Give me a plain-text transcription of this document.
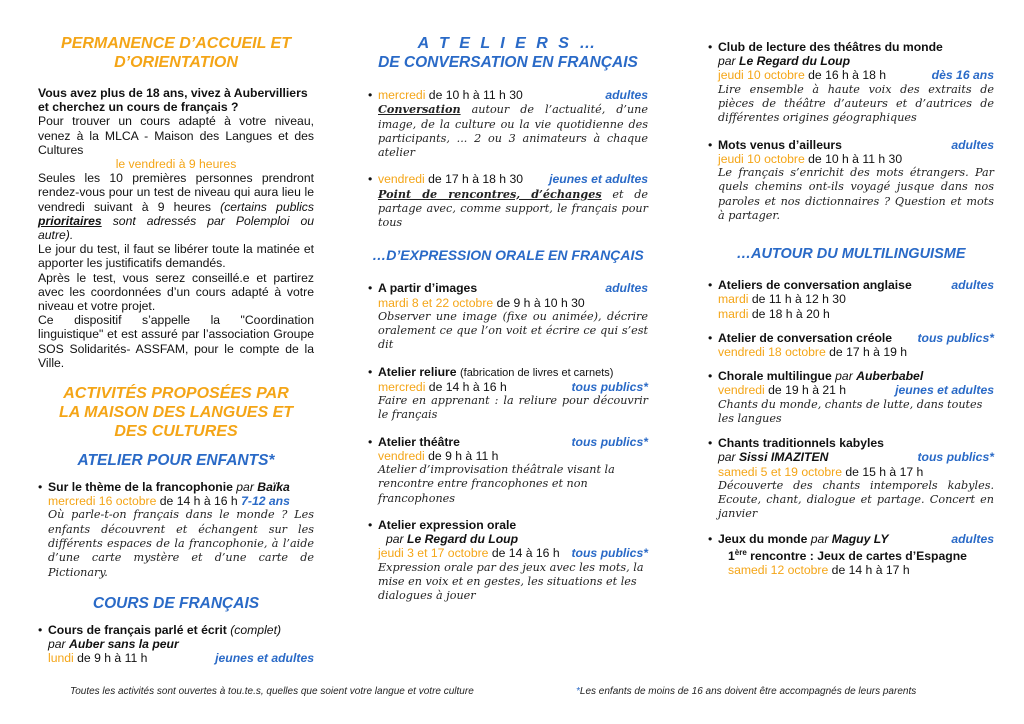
PERMANENCE D’ACCUEIL ET

D’ORIENTATION

Vous avez plus de 18 ans, vivez à Aubervilliers
et cherchez un cours de français ?
Pour trouver un cours adapté à votre niveau, venez à la MLCA - Maison des Langues et des Cultures
le vendredi à 9 heures
Seules les 10 premières personnes prendront rendez-vous pour un test de niveau qui aura lieu le vendredi suivant à 9 heures (certains publics prioritaires sont adressés par Polemploi ou autre).
Le jour du test, il faut se libérer toute la matinée et apporter les justificatifs demandés.
Après le test, vous serez conseillé.e et partirez avec les coordonnées d’un cours adapté à votre niveau et votre projet.
Ce dispositif s’appelle la "Coordination linguistique" et est assuré par l’association Groupe SOS Solidarités- ASSFAM, pour le compte de la Ville.

ACTIVITÉS PROPOSÉES PAR

LA MAISON DES LANGUES ET

DES CULTURES

ATELIER POUR ENFANTS*

• Sur le thème de la francophonie par Baïka
mercredi 16 octobre de 14 h à 16 h 7-12 ans
Où parle-t-on français dans le monde ? Les enfants découvrent et échangent sur les différents espaces de la francophonie, à l’aide d’une carte mystère et d’une carte de Pictionary.

COURS DE FRANÇAIS

• Cours de français parlé et écrit (complet)
par Auber sans la peur
lundi de 9 h à 11 h	jeunes et adultes

A T E L I E R S …

DE CONVERSATION EN FRANÇAIS

• mercredi de 10 h à 11 h 30	adultes
Conversation autour de l’actualité, d’une image, de la culture ou la vie quotidienne des participants, ... 2 ou 3 animateurs à chaque atelier
• vendredi de 17 h à 18 h 30 jeunes et adultes
Point de rencontres, d’échanges et de partage avec, comme support, le français pour tous

…D’EXPRESSION ORALE EN FRANÇAIS

• A partir d’images	adultes
mardi 8 et 22 octobre de 9 h à 10 h 30
Observer une image (fixe ou animée), décrire oralement ce que l’on voit et écrire ce qui s’est dit
• Atelier reliure (fabrication de livres et carnets)
mercredi de 14 h à 16 h	tous publics*
Faire en apprenant : la reliure pour découvrir le français
• Atelier théâtre	tous publics*
vendredi de 9 h à 11 h
Atelier d’improvisation théâtrale visant la rencontre entre francophones et non francophones
• Atelier expression orale
par Le Regard du Loup
jeudi 3 et 17 octobre de 14 à 16 h tous publics*
Expression orale par des jeux avec les mots, la mise en voix et en gestes, les situations et les dialogues à jouer
• Club de lecture des théâtres du monde
par Le Regard du Loup
jeudi 10 octobre de 16 h à 18 h	dès 16 ans
Lire ensemble à haute voix des extraits de pièces de théâtre d’auteurs et d’autrices de différentes origines géographiques
• Mots venus d’ailleurs	adultes
jeudi 10 octobre de 10 h à 11 h 30
Le français s’enrichit des mots étrangers. Par quels chemins ont-ils voyagé jusque dans nos paroles et nos dictionnaires ? Question et mots à partager.

…AUTOUR DU MULTILINGUISME

• Ateliers de conversation anglaise	adultes
mardi de 11 h à 12 h 30
mardi de 18 h à 20 h
• Atelier de conversation créole tous publics*
vendredi 18 octobre de 17 h à 19 h
• Chorale multilingue par Auberbabel
vendredi de 19 h à 21 h	jeunes et adultes
Chants du monde, chants de lutte, dans toutes les langues
• Chants traditionnels kabyles
par Sissi IMAZITEN	tous publics*
samedi 5 et 19 octobre de 15 h à 17 h
Découverte des chants intemporels kabyles. Ecoute, chant, dialogue et partage. Concert en janvier
• Jeux du monde par Maguy LY	adultes
1ère rencontre : Jeux de cartes d’Espagne
samedi 12 octobre de 14 h à 17 h
Toutes les activités sont ouvertes à tou.te.s, quelles que soient votre langue et votre culture	*Les enfants de moins de 16 ans doivent être accompagnés de leurs parents
